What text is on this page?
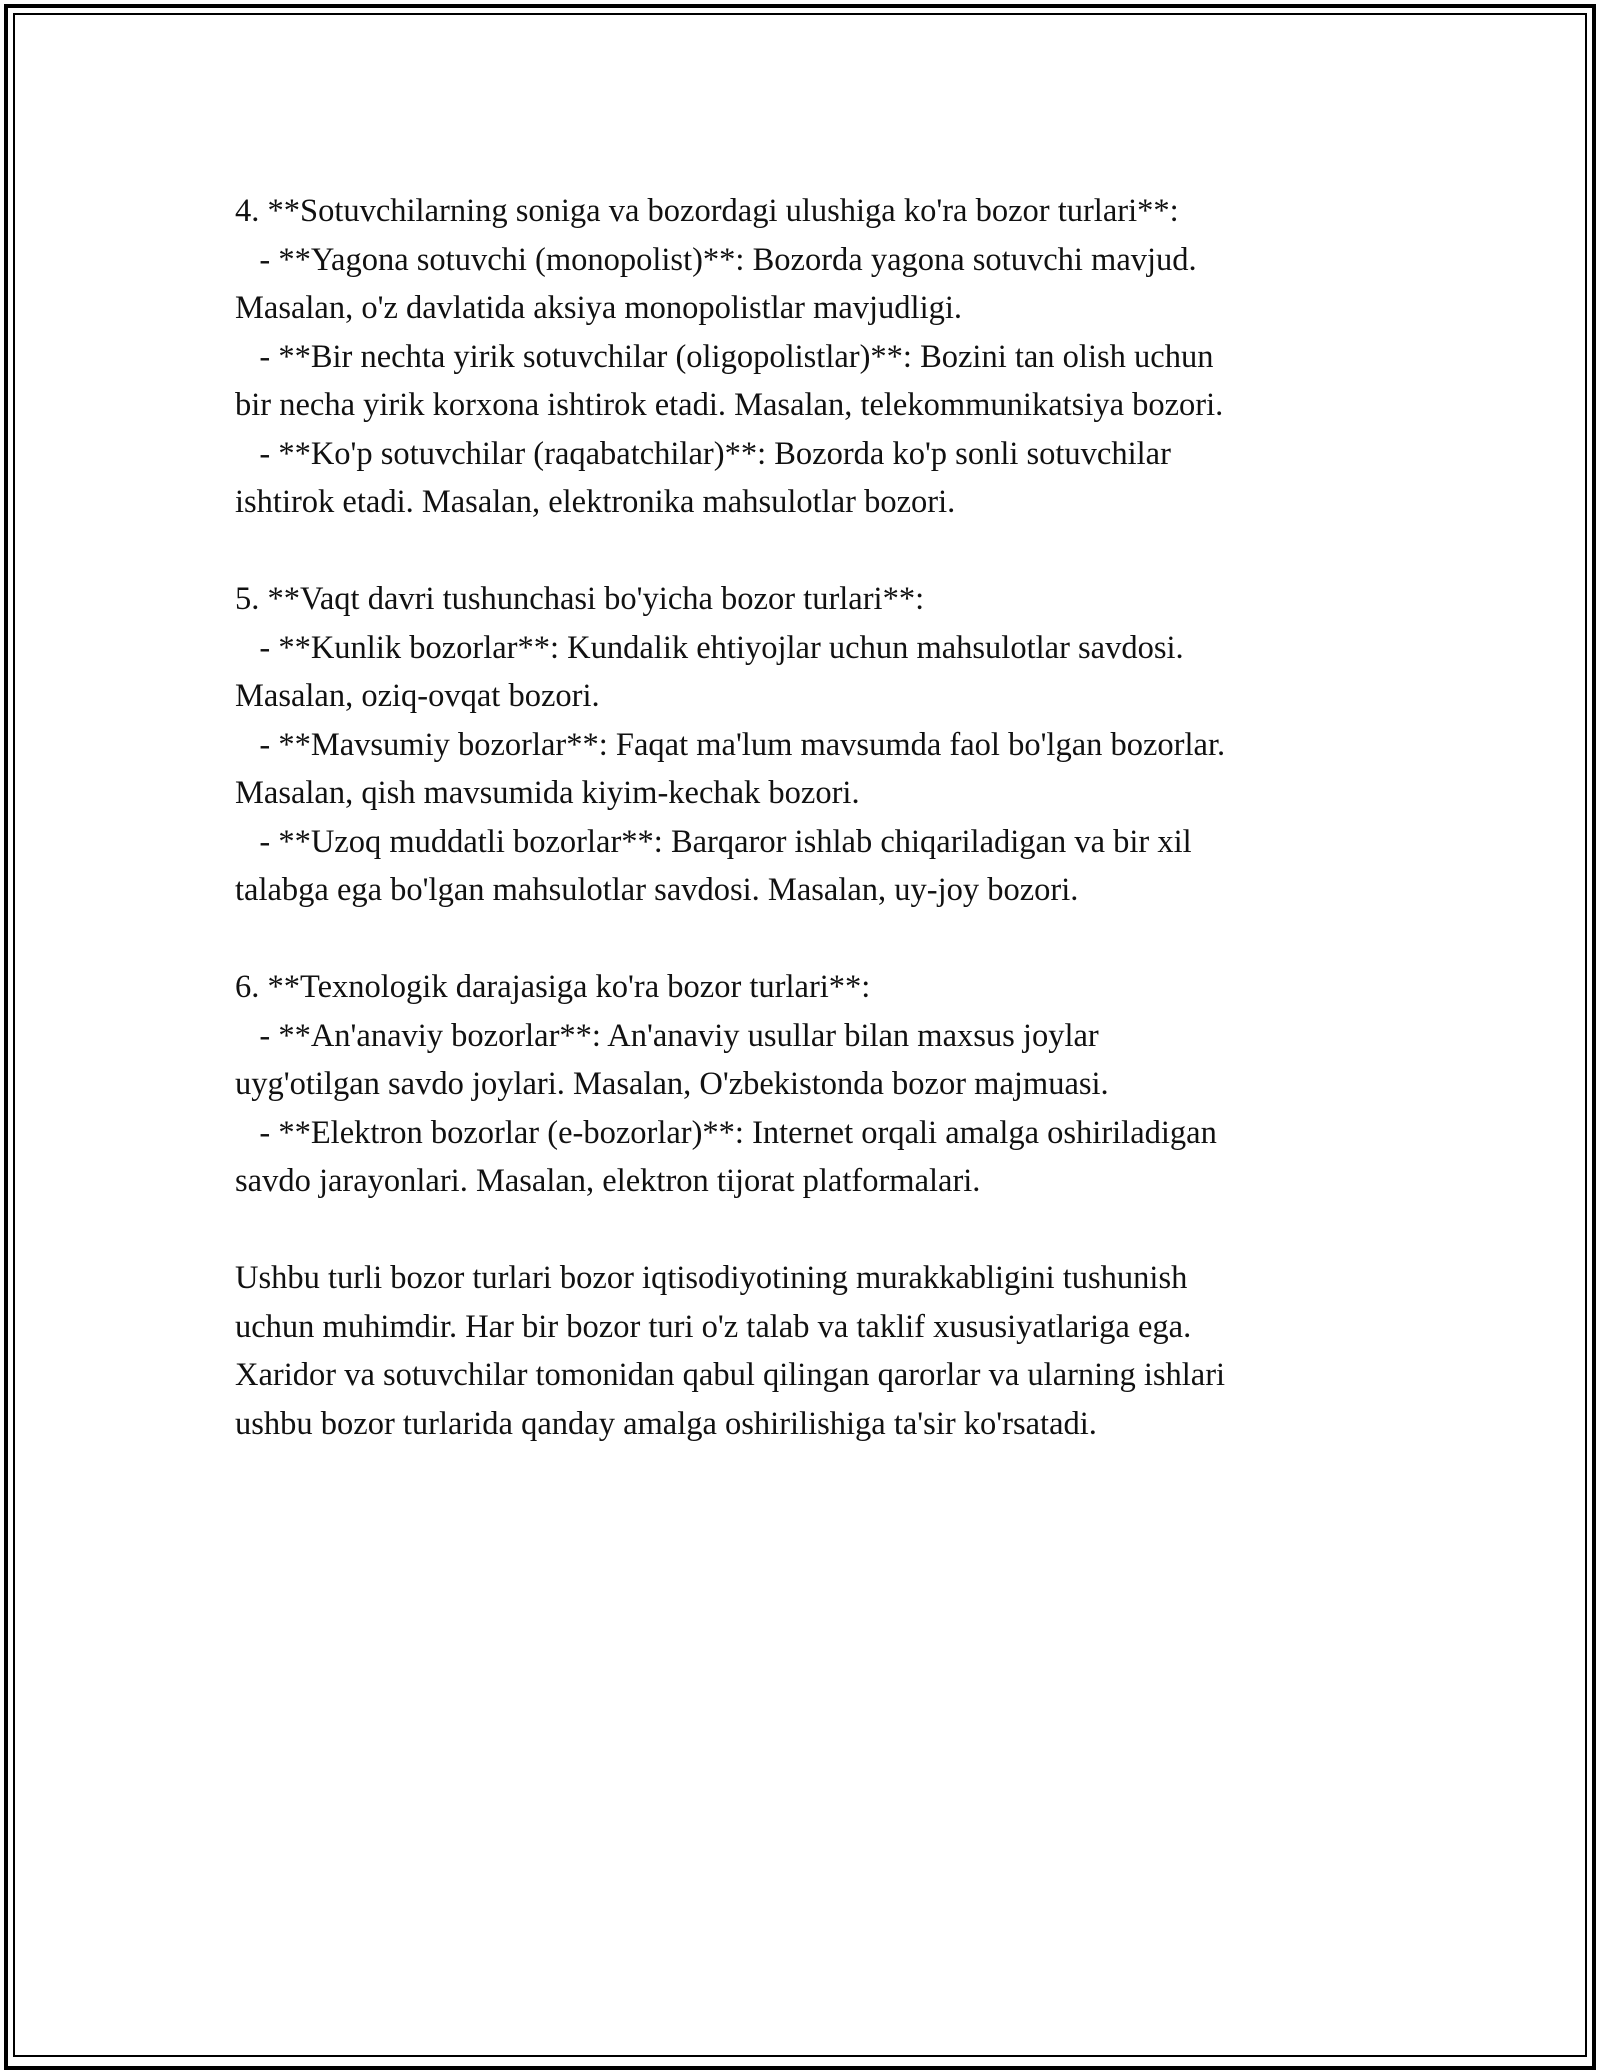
4. **Sotuvchilarning soniga va bozordagi ulushiga ko'ra bozor turlari**:
- **Yagona sotuvchi (monopolist)**: Bozorda yagona sotuvchi mavjud.
Masalan, o'z davlatida aksiya monopolistlar mavjudligi.
- **Bir nechta yirik sotuvchilar (oligopolistlar)**: Bozini tan olish uchun
bir necha yirik korxona ishtirok etadi. Masalan, telekommunikatsiya bozori.
- **Ko'p sotuvchilar (raqabatchilar)**: Bozorda ko'p sonli sotuvchilar
ishtirok etadi. Masalan, elektronika mahsulotlar bozori.
5. **Vaqt davri tushunchasi bo'yicha bozor turlari**:
- **Kunlik bozorlar**: Kundalik ehtiyojlar uchun mahsulotlar savdosi.
Masalan, oziq-ovqat bozori.
- **Mavsumiy bozorlar**: Faqat ma'lum mavsumda faol bo'lgan bozorlar.
Masalan, qish mavsumida kiyim-kechak bozori.
- **Uzoq muddatli bozorlar**: Barqaror ishlab chiqariladigan va bir xil
talabga ega bo'lgan mahsulotlar savdosi. Masalan, uy-joy bozori.
6. **Texnologik darajasiga ko'ra bozor turlari**:
- **An'anaviy bozorlar**: An'anaviy usullar bilan maxsus joylar
uyg'otilgan savdo joylari. Masalan, O'zbekistonda bozor majmuasi.
- **Elektron bozorlar (e-bozorlar)**: Internet orqali amalga oshiriladigan
savdo jarayonlari. Masalan, elektron tijorat platformalari.
Ushbu turli bozor turlari bozor iqtisodiyotining murakkabligini tushunish
uchun muhimdir. Har bir bozor turi o'z talab va taklif xususiyatlariga ega.
Xaridor va sotuvchilar tomonidan qabul qilingan qarorlar va ularning ishlari
ushbu bozor turlarida qanday amalga oshirilishiga ta'sir ko'rsatadi.
